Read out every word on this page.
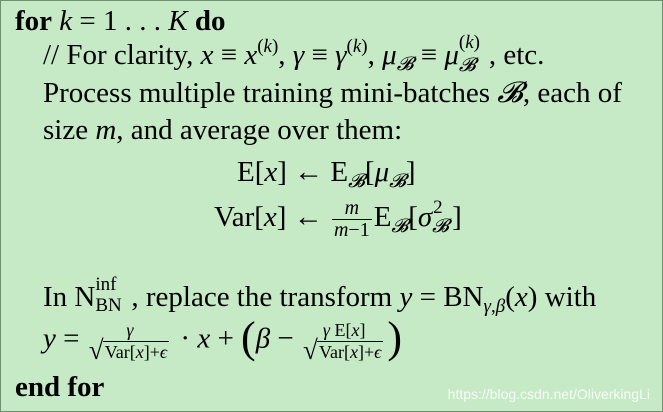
for k = 1 . . . K do
// For clarity, $x \equiv x^{(k)}$, $\gamma \equiv \gamma^{(k)}$, $\mu_𝓑 \equiv \mu$ (k)
𝓑 , etc.
Process multiple training mini-batches 𝓑, each of
size m, and average over them:
E[x] ← $E_𝓑[\mu_𝓑]$
Var[x] ← $\frac{m}{m-1} E_𝓑[\sigma$ 2
𝓑 ]
In N inf
BN , replace the transform $y = BN_{\gamma,\beta}(x)$ with
y =	γ
√ Var[x]+ϵ · x + (β −	γ E[x]
√ Var[x]+ϵ )
end for	https://blog.csdn.net/OliverkingLi
